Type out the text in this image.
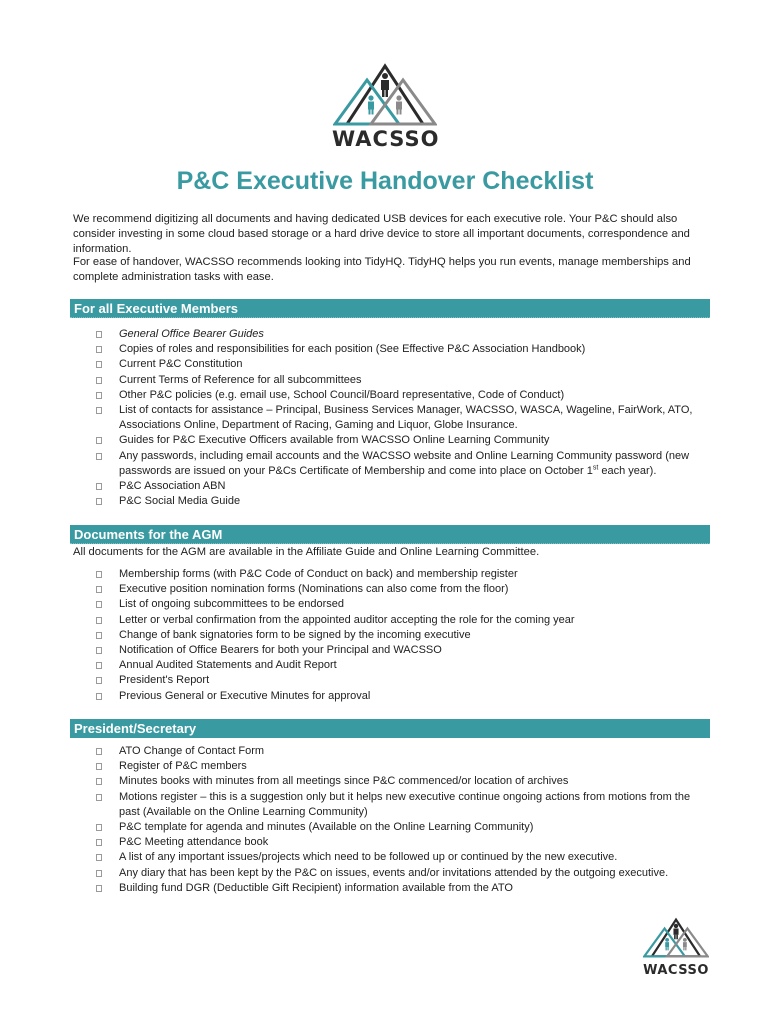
WACSSO
P&C Executive Handover Checklist

We recommend digitizing all documents and having dedicated USB devices for each executive role. Your P&C should also consider investing in some cloud based storage or a hard drive device to store all important documents, correspondence and information.

For ease of handover, WACSSO recommends looking into TidyHQ. TidyHQ helps you run events, manage memberships and complete administration tasks with ease.

For all Executive Members
General Office Bearer Guides
Copies of roles and responsibilities for each position (See Effective P&C Association Handbook)
Current P&C Constitution
Current Terms of Reference for all subcommittees
Other P&C policies (e.g. email use, School Council/Board representative, Code of Conduct)
List of contacts for assistance – Principal, Business Services Manager, WACSSO, WASCA, Wageline, FairWork, ATO, Associations Online, Department of Racing, Gaming and Liquor, Globe Insurance.
Guides for P&C Executive Officers available from WACSSO Online Learning Community
Any passwords, including email accounts and the WACSSO website and Online Learning Community password (new passwords are issued on your P&Cs Certificate of Membership and come into place on October 1st each year).
P&C Association ABN
P&C Social Media Guide
Documents for the AGM

All documents for the AGM are available in the Affiliate Guide and Online Learning Committee.

Membership forms (with P&C Code of Conduct on back) and membership register
Executive position nomination forms (Nominations can also come from the floor)
List of ongoing subcommittees to be endorsed
Letter or verbal confirmation from the appointed auditor accepting the role for the coming year
Change of bank signatories form to be signed by the incoming executive
Notification of Office Bearers for both your Principal and WACSSO
Annual Audited Statements and Audit Report
President's Report
Previous General or Executive Minutes for approval
President/Secretary
ATO Change of Contact Form
Register of P&C members
Minutes books with minutes from all meetings since P&C commenced/or location of archives
Motions register – this is a suggestion only but it helps new executive continue ongoing actions from motions from the past (Available on the Online Learning Community)
P&C template for agenda and minutes (Available on the Online Learning Community)
P&C Meeting attendance book
A list of any important issues/projects which need to be followed up or continued by the new executive.
Any diary that has been kept by the P&C on issues, events and/or invitations attended by the outgoing executive.
Building fund DGR (Deductible Gift Recipient) information available from the ATO
WACSSO
